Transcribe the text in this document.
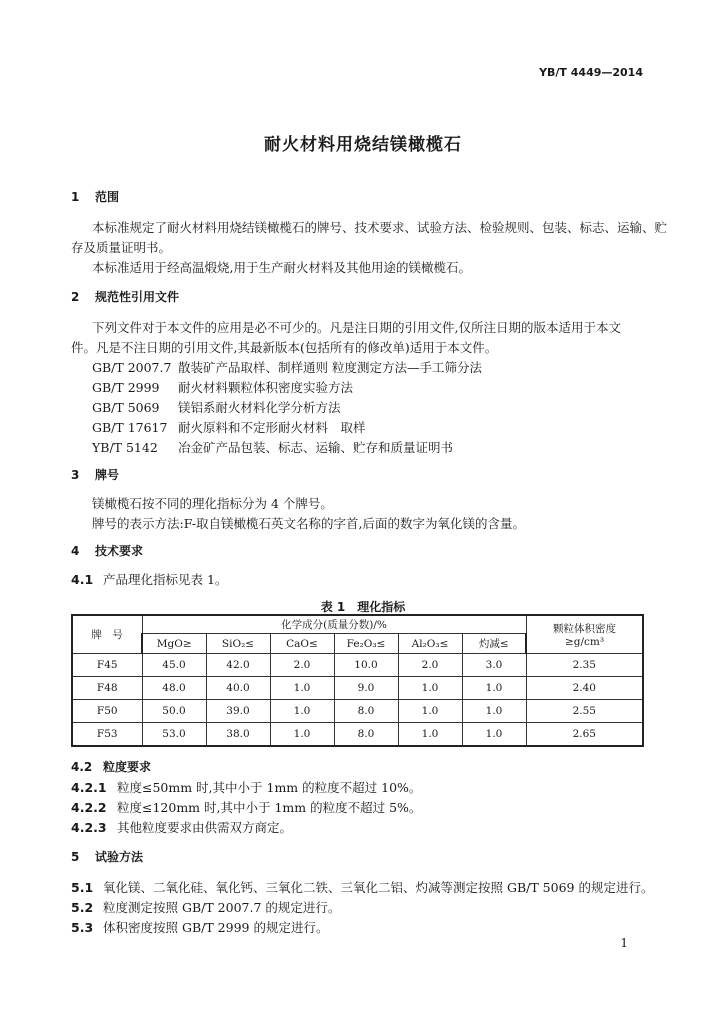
YB/T 4449—2014
耐火材料用烧结镁橄榄石
1 范围
本标准规定了耐火材料用烧结镁橄榄石的牌号、技术要求、试验方法、检验规则、包装、标志、运输、贮
存及质量证明书。
本标准适用于经高温煅烧,用于生产耐火材料及其他用途的镁橄榄石。
2 规范性引用文件
下列文件对于本文件的应用是必不可少的。凡是注日期的引用文件,仅所注日期的版本适用于本文
件。凡是不注日期的引用文件,其最新版本(包括所有的修改单)适用于本文件。
GB/T 2007.7 散装矿产品取样、制样通则 粒度测定方法—手工筛分法
GB/T 2999 耐火材料颗粒体积密度实验方法
GB/T 5069 镁铝系耐火材料化学分析方法
GB/T 17617 耐火原料和不定形耐火材料　取样
YB/T 5142 冶金矿产品包装、标志、运输、贮存和质量证明书
3 牌号
镁橄榄石按不同的理化指标分为 4 个牌号。
牌号的表示方法:F-取自镁橄榄石英文名称的字首,后面的数字为氧化镁的含量。
4 技术要求
4.1 产品理化指标见表 1。
表 1　理化指标
牌　号	化学成分(质量分数)/%						颗粒体积密度
≥g/cm³

	MgO≥	SiO₂≤	CaO≤	Fe₂O₃≤	Al₂O₃≤	灼减≤	
F45	45.0	42.0	2.0	10.0	2.0	3.0	2.35
F48	48.0	40.0	1.0	9.0	1.0	1.0	2.40
F50	50.0	39.0	1.0	8.0	1.0	1.0	2.55
F53	53.0	38.0	1.0	8.0	1.0	1.0	2.65
4.2 粒度要求
4.2.1 粒度≤50mm 时,其中小于 1mm 的粒度不超过 10%。
4.2.2 粒度≤120mm 时,其中小于 1mm 的粒度不超过 5%。
4.2.3 其他粒度要求由供需双方商定。
5 试验方法
5.1 氧化镁、二氧化硅、氧化钙、三氧化二铁、三氧化二铝、灼减等测定按照 GB/T 5069 的规定进行。
5.2 粒度测定按照 GB/T 2007.7 的规定进行。
5.3 体积密度按照 GB/T 2999 的规定进行。
1
